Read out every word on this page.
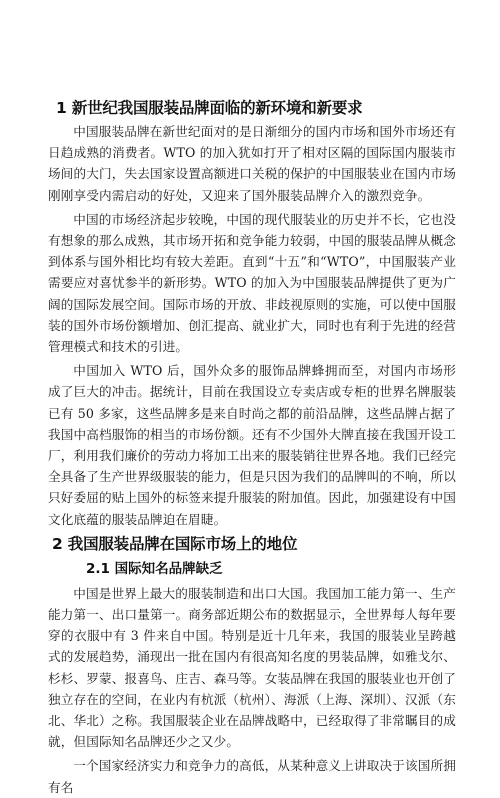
1 新世纪我国服装品牌面临的新环境和新要求

中国服装品牌在新世纪面对的是日渐细分的国内市场和国外市场还有日趋成熟的消费者。WTO 的加入犹如打开了相对区隔的国际国内服装市场间的大门，失去国家设置高额进口关税的保护的中国服装业在国内市场刚刚享受内需启动的好处，又迎来了国外服装品牌介入的激烈竞争。

中国的市场经济起步较晚，中国的现代服装业的历史并不长，它也没有想象的那么成熟，其市场开拓和竞争能力较弱，中国的服装品牌从概念到体系与国外相比均有较大差距。直到“十五”和“WTO”，中国服装产业需要应对喜忧参半的新形势。WTO 的加入为中国服装品牌提供了更为广阔的国际发展空间。国际市场的开放、非歧视原则的实施，可以使中国服装的国外市场份额增加、创汇提高、就业扩大，同时也有利于先进的经营管理模式和技术的引进。

中国加入 WTO 后，国外众多的服饰品牌蜂拥而至，对国内市场形成了巨大的冲击。据统计，目前在我国设立专卖店或专柜的世界名牌服装已有 50 多家，这些品牌多是来自时尚之都的前沿品牌，这些品牌占据了我国中高档服饰的相当的市场份额。还有不少国外大牌直接在我国开设工厂，利用我们廉价的劳动力将加工出来的服装销往世界各地。我们已经完全具备了生产世界级服装的能力，但是只因为我们的品牌叫的不响，所以只好委屈的贴上国外的标签来提升服装的附加值。因此，加强建设有中国文化底蕴的服装品牌迫在眉睫。

2 我国服装品牌在国际市场上的地位
2.1 国际知名品牌缺乏

中国是世界上最大的服装制造和出口大国。我国加工能力第一、生产能力第一、出口量第一。商务部近期公布的数据显示，全世界每人每年要穿的衣服中有 3 件来自中国。特别是近十几年来，我国的服装业呈跨越式的发展趋势，涌现出一批在国内有很高知名度的男装品牌，如雅戈尔、杉杉、罗蒙、报喜鸟、庄吉、森马等。女装品牌在我国的服装业也开创了独立存在的空间，在业内有杭派（杭州）、海派（上海、深圳）、汉派（东北、华北）之称。我国服装企业在品牌战略中，已经取得了非常瞩目的成就，但国际知名品牌还少之又少。

一个国家经济实力和竞争力的高低，从某种意义上讲取决于该国所拥有名
